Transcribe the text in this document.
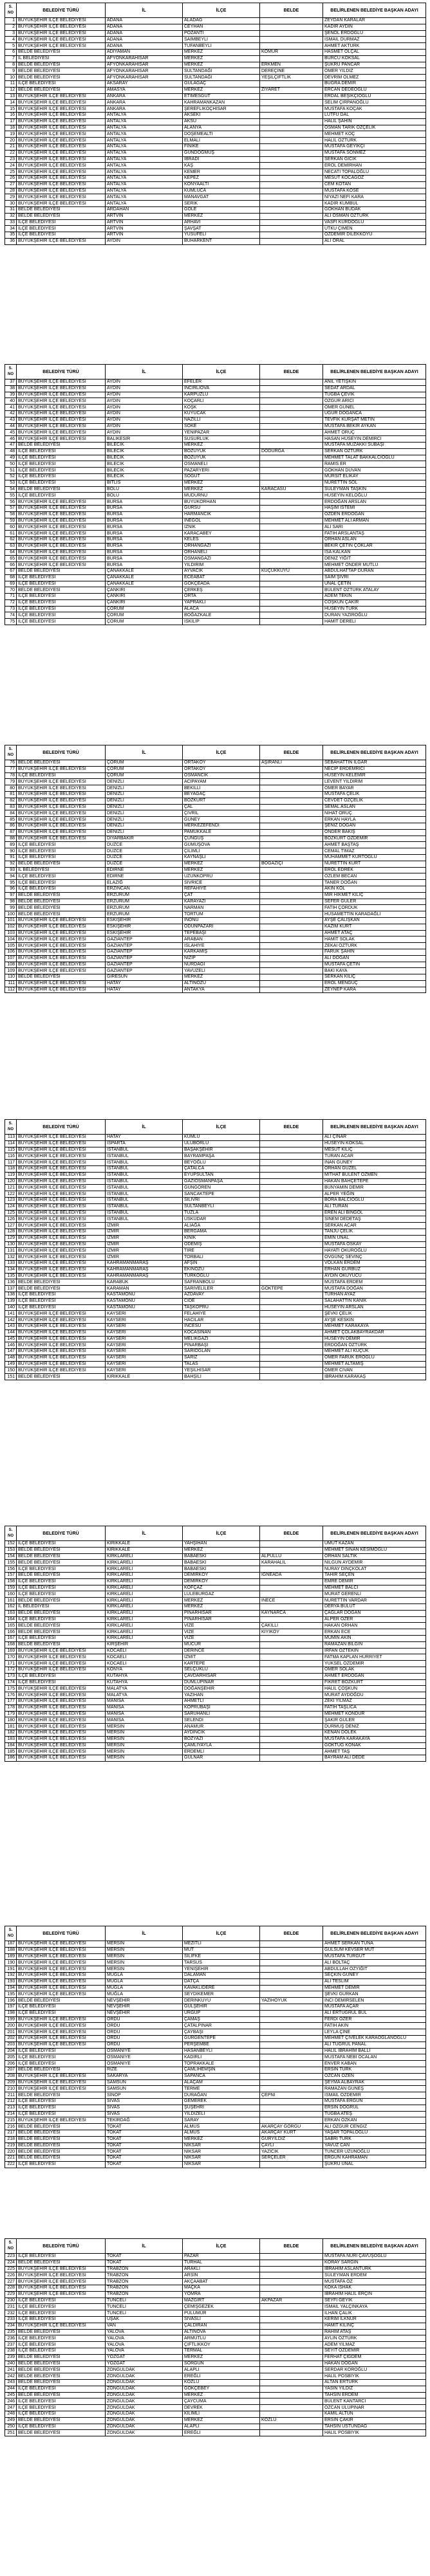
S. NO	BELEDİYE TÜRÜ	İL	İLÇE	BELDE	BELİRLENEN BELEDİYE BAŞKAN ADAYI
1	BÜYÜKŞEHİR İLÇE BELEDİYESİ	ADANA	ALADAĞ		ZEYDAN KARALAR
2	BÜYÜKŞEHİR İLÇE BELEDİYESİ	ADANA	CEYHAN		KADİR AYDIN
3	BÜYÜKŞEHİR İLÇE BELEDİYESİ	ADANA	POZANTI		ŞENOL ERDOĞLU
4	BÜYÜKŞEHİR İLÇE BELEDİYESİ	ADANA	SAİMBEYLİ		İSMAİL DURMAZ
5	BÜYÜKŞEHİR İLÇE BELEDİYESİ	ADANA	TUFANBEYLİ		AHMET AKTÜRK
6	BELDE BELEDİYESİ	ADIYAMAN	MERKEZ	KÖMÜR	HASMET ÖLÇAL
7	İL BELEDİYESİ	AFYONKARAHİSAR	MERKEZ		BURCU KÖKSAL
8	BELDE BELEDİYESİ	AFYONKARAHİSAR	MERKEZ	ERKMEN	ŞÜKRÜ PANCAR
9	BELDE BELEDİYESİ	AFYONKARAHİSAR	SULTANDAĞI	DEREÇİNE	ÖMER YILDIZ
10	BELDE BELEDİYESİ	AFYONKARAHİSAR	SULTANDAĞI	YEŞİLÇİFTLİK	DEVRİM ÖLMEZ
11	İLÇE BELEDİYESİ	AKSARAY	GÜLAĞAÇ		BUĞRA DEMİR
12	BELDE BELEDİYESİ	AMASYA	MERKEZ	ZİYARET	ERCAN DEDEOĞLU
13	BÜYÜKŞEHİR İLÇE BELEDİYESİ	ANKARA	ETİMESGUT		ERDAL BEŞİKÇİOĞLU
14	BÜYÜKŞEHİR İLÇE BELEDİYESİ	ANKARA	KAHRAMANKAZAN		SELİM ÇIRPANOĞLU
15	BÜYÜKŞEHİR İLÇE BELEDİYESİ	ANKARA	ŞEREFLİKOÇHİSAR		MUSTAFA KOÇAK
16	BÜYÜKŞEHİR İLÇE BELEDİYESİ	ANTALYA	AKSEKİ		LÜTFÜ DAL
17	BÜYÜKŞEHİR İLÇE BELEDİYESİ	ANTALYA	AKSU		HALİL ŞAHİN
18	BÜYÜKŞEHİR İLÇE BELEDİYESİ	ANTALYA	ALANYA		OSMAN TARIK ÖZÇELİK
19	BÜYÜKŞEHİR İLÇE BELEDİYESİ	ANTALYA	DÖŞEMEALTI		MEHMET KOÇ
20	BÜYÜKŞEHİR İLÇE BELEDİYESİ	ANTALYA	ELMALI		HALİL ÖZTÜRK
21	BÜYÜKŞEHİR İLÇE BELEDİYESİ	ANTALYA	FİNİKE		MUSTAFA GEYİKÇİ
22	BÜYÜKŞEHİR İLÇE BELEDİYESİ	ANTALYA	GÜNDOĞMUŞ		MUSTAFA SÖNMEZ
23	BÜYÜKŞEHİR İLÇE BELEDİYESİ	ANTALYA	İBRADI		SERKAN GİCİK
24	BÜYÜKŞEHİR İLÇE BELEDİYESİ	ANTALYA	KAŞ		EROL DEMİRHAN
25	BÜYÜKŞEHİR İLÇE BELEDİYESİ	ANTALYA	KEMER		NECATİ TOPALOĞLU
26	BÜYÜKŞEHİR İLÇE BELEDİYESİ	ANTALYA	KEPEZ		MESUT KOCAGÖZ
27	BÜYÜKŞEHİR İLÇE BELEDİYESİ	ANTALYA	KONYAALTI		CEM KOTAN
28	BÜYÜKŞEHİR İLÇE BELEDİYESİ	ANTALYA	KUMLUCA		MUSTAFA KÖSE
29	BÜYÜKŞEHİR İLÇE BELEDİYESİ	ANTALYA	MANAVGAT		NİYAZİ NEFİ KARA
30	BÜYÜKŞEHİR İLÇE BELEDİYESİ	ANTALYA	SERİK		KADİR KUMBUL
31	BELDE BELEDİYESİ	ARDAHAN	GÖLE		GÖKHAN BUDAK
32	BELDE BELEDİYESİ	ARTVİN	MERKEZ		ALİ OSMAN ÖZTÜRK
33	İLÇE BELEDİYESİ	ARTVİN	ARHAVİ		VASFİ KURDOĞLU
34	İLÇE BELEDİYESİ	ARTVİN	ŞAVŞAT		UTKU ÇİMEN
35	İLÇE BELEDİYESİ	ARTVİN	YUSUFELİ		ÖZDEMİR DİLEKKOYU
36	BÜYÜKŞEHİR İLÇE BELEDİYESİ	AYDIN	BUHARKENT		ALİ ORAL
S. NO	BELEDİYE TÜRÜ	İL	İLÇE	BELDE	BELİRLENEN BELEDİYE BAŞKAN ADAYI
37	BÜYÜKŞEHİR İLÇE BELEDİYESİ	AYDIN	EFELER		ANIL YETİŞKİN
38	BÜYÜKŞEHİR İLÇE BELEDİYESİ	AYDIN	İNCİRLİOVA		SEDAT ARDAL
39	BÜYÜKŞEHİR İLÇE BELEDİYESİ	AYDIN	KARPUZLU		TUĞBA ÇEVİK
40	BÜYÜKŞEHİR İLÇE BELEDİYESİ	AYDIN	KOÇARLI		ÖZGÜR ARICI
41	BÜYÜKŞEHİR İLÇE BELEDİYESİ	AYDIN	KÖŞK		ÖMER GÜNEL
42	BÜYÜKŞEHİR İLÇE BELEDİYESİ	AYDIN	KUYUCAK		UĞUR DOĞANCA
43	BÜYÜKŞEHİR İLÇE BELEDİYESİ	AYDIN	NAZİLLİ		TEVFİK KÜRŞAT METİN
44	BÜYÜKŞEHİR İLÇE BELEDİYESİ	AYDIN	SÖKE		MUSTAFA BEKİR AYKAN
45	BÜYÜKŞEHİR İLÇE BELEDİYESİ	AYDIN	YENİPAZAR		AHMET ORUÇ
46	BÜYÜKŞEHİR İLÇE BELEDİYESİ	BALIKESİR	SUSURLUK		HASAN HÜSEYİN DEMİRCİ
47	BELDE BELEDİYESİ	BİLECİK	MERKEZ		MUSTAFA MUZAKKİ SUBAŞI
48	İLÇE BELEDİYESİ	BİLECİK	BOZÜYÜK	DODURGA	SERKAN ÖZTÜRK
49	İLÇE BELEDİYESİ	BİLECİK	BOZÜYÜK		MEHMET TALAT BAKKALCIOĞLU
50	İLÇE BELEDİYESİ	BİLECİK	OSMANELİ		RAMİS ER
51	İLÇE BELEDİYESİ	BİLECİK	PAZARYERİ		GÖKHAN DUVAN
52	İLÇE BELEDİYESİ	BİLECİK	SÖĞÜT		MÜRSİT ELİKAY
53	İLÇE BELEDİYESİ	BİTLİS	MERKEZ		NURETTİN SOL
54	BELDE BELEDİYESİ	BOLU	MERKEZ	KARACASU	SÜLEYMAN TAŞKIN
55	İLÇE BELEDİYESİ	BOLU	MUDURNU		HÜSEYİN KELOĞLU
56	BÜYÜKŞEHİR İLÇE BELEDİYESİ	BURSA	BÜYÜKORHAN		ERDOĞAN ARSLAN
57	BÜYÜKŞEHİR İLÇE BELEDİYESİ	BURSA	GÜRSU		HAŞİM İSTEMİ
58	BÜYÜKŞEHİR İLÇE BELEDİYESİ	BURSA	HARMANCIK		ÖZDEN ERDOĞAN
59	BÜYÜKŞEHİR İLÇE BELEDİYESİ	BURSA	İNEGÖL		MEHMET ALİ ARMAN
60	BÜYÜKŞEHİR İLÇE BELEDİYESİ	BURSA	İZNİK		ALİ SARI
61	BÜYÜKŞEHİR İLÇE BELEDİYESİ	BURSA	KARACABEY		FATİH ARSLANTAŞ
62	BÜYÜKŞEHİR İLÇE BELEDİYESİ	BURSA	KELES		ORHAN ASLAN
63	BÜYÜKŞEHİR İLÇE BELEDİYESİ	BURSA	ORHANGAZİ		BEKİR ÇETİN ÇOKLAR
64	BÜYÜKŞEHİR İLÇE BELEDİYESİ	BURSA	ORHANELİ		İSA KALKAN
65	BÜYÜKŞEHİR İLÇE BELEDİYESİ	BURSA	OSMANGAZİ		DENİZ YİĞİT
66	BÜYÜKŞEHİR İLÇE BELEDİYESİ	BURSA	YILDIRIM		MEHMET ÖNDER MUTLU
67	BELDE BELEDİYESİ	ÇANAKKALE	AYVACIK	KÜÇÜKKUYU	ABDULHATTAP DURAN
68	İLÇE BELEDİYESİ	ÇANAKKALE	ECEABAT		SAİM ŞİVRİ
69	İLÇE BELEDİYESİ	ÇANAKKALE	GÖKÇEADA		ÜNAL ÇETİN
70	BELDE BELEDİYESİ	ÇANKIRI	ÇERKEŞ		BÜLENT ÖZTÜRK ATALAY
71	İLÇE BELEDİYESİ	ÇANKIRI	ORTA		ADEM TEKİN
72	İLÇE BELEDİYESİ	ÇANKIRI	YAPRAKLI		COŞKUN ÇAKIR
73	İLÇE BELEDİYESİ	ÇORUM	ALACA		HÜSEYİN TÜRK
74	İLÇE BELEDİYESİ	ÇORUM	BOĞAZKALE		DURAN YAZIROĞLU
75	İLÇE BELEDİYESİ	ÇORUM	İSKİLİP		HAMİT DERELİ
S. NO	BELEDİYE TÜRÜ	İL	İLÇE	BELDE	BELİRLENEN BELEDİYE BAŞKAN ADAYI
76	BELDE BELEDİYESİ	ÇORUM	ORTAKÖY	AŞIRANLI	SEBAHATTİN İLGAR
77	BÜYÜKŞEHİR İLÇE BELEDİYESİ	ÇORUM	ORTAKÖY		NECİP ERDEMRİCİ
78	İLÇE BELEDİYESİ	ÇORUM	OSMANCIK		HÜSEYİN KELEMİR
79	BÜYÜKŞEHİR İLÇE BELEDİYESİ	DENİZLİ	ACIPAYAM		LEVENT YILDIRIM
80	BÜYÜKŞEHİR İLÇE BELEDİYESİ	DENİZLİ	BEKİLLİ		ÖMER BAYAR
81	BÜYÜKŞEHİR İLÇE BELEDİYESİ	DENİZLİ	BEYAĞAÇ		MUSTAFA ÇELİK
82	BÜYÜKŞEHİR İLÇE BELEDİYESİ	DENİZLİ	BOZKURT		CEVDET ÖZÇELİK
83	BÜYÜKŞEHİR İLÇE BELEDİYESİ	DENİZLİ	ÇAL		SEMAL ASLAN
84	BÜYÜKŞEHİR İLÇE BELEDİYESİ	DENİZLİ	ÇİVRİL		NİHAT ORUÇ
85	BÜYÜKŞEHİR İLÇE BELEDİYESİ	DENİZLİ	GÜNEY		ERKAN HAYLA
86	BÜYÜKŞEHİR İLÇE BELEDİYESİ	DENİZLİ	MERKEZEFENDİ		ŞENİZ DOĞAN
87	BÜYÜKŞEHİR İLÇE BELEDİYESİ	DENİZLİ	PAMUKKALE		ÖNDER BAKIŞ
88	BÜYÜKŞEHİR İLÇE BELEDİYESİ	DİYARBAKIR	ÇÜNGÜŞ		BOZKURT ÖZDEMİR
89	İLÇE BELEDİYESİ	DÜZCE	GÜMÜŞOVA		AHMET BAŞTAŞ
90	İLÇE BELEDİYESİ	DÜZCE	ÇİLİMLİ		CEMAL TIMAZ
91	İLÇE BELEDİYESİ	DÜZCE	KAYNAŞLI		MUHAMMET KURTOĞLU
92	BELDE BELEDİYESİ	DÜZCE	MERKEZ	BOĞAZİÇİ	NURETTİN KURT
93	İL BELEDİYESİ	EDİRNE	MERKEZ		EROL EDREK
94	İLÇE BELEDİYESİ	EDİRNE	UZUNKÖPRÜ		ÖZLEM BECAN
95	İLÇE BELEDİYESİ	ELAZIĞ	SİVRİCE		TANER DOĞAN
96	İLÇE BELEDİYESİ	ERZİNCAN	REFAHİYE		AKIN KOL
97	BELDE BELEDİYESİ	ERZURUM	ÇAT		MİR HİKMET KILIÇ
98	BELDE BELEDİYESİ	ERZURUM	KARAYAZI		SEFER GÜLER
99	BELDE BELEDİYESİ	ERZURUM	NARMAN		FATİH ÇÖRDÜK
100	BELDE BELEDİYESİ	ERZURUM	TORTUM		HÜSAMETTİN KARADAĞLI
101	BÜYÜKŞEHİR İLÇE BELEDİYESİ	ESKİŞEHİR	İNÖNÜ		AYŞE ÇALIŞKAN
102	BÜYÜKŞEHİR İLÇE BELEDİYESİ	ESKİŞEHİR	ODUNPAZARI		KAZIM KURT
103	BÜYÜKŞEHİR İLÇE BELEDİYESİ	ESKİŞEHİR	TEPEBAŞI		AHMET ATAÇ
104	BÜYÜKŞEHİR İLÇE BELEDİYESİ	GAZİANTEP	ARABAN		HAMİT SOLAK
105	BÜYÜKŞEHİR İLÇE BELEDİYESİ	GAZİANTEP	İSLAHİYE		ZEKAİ ÖZTÜRK
106	BÜYÜKŞEHİR İLÇE BELEDİYESİ	GAZİANTEP	KARKAMIŞ		FARUK ŞAHİN
107	BÜYÜKŞEHİR İLÇE BELEDİYESİ	GAZİANTEP	NİZİP		ALİ DOĞAN
108	BÜYÜKŞEHİR İLÇE BELEDİYESİ	GAZİANTEP	NURDAĞI		MUSTAFA ÇETİN
109	BÜYÜKŞEHİR İLÇE BELEDİYESİ	GAZİANTEP	YAVUZELİ		BAKİ KAYA
110	BELDE BELEDİYESİ	GİRESUN	MERKEZ		SERKAN KILIÇ
111	BÜYÜKŞEHİR İLÇE BELEDİYESİ	HATAY	ALTINÖZÜ		EROL MENGÜÇ
112	BÜYÜKŞEHİR İLÇE BELEDİYESİ	HATAY	ANTAKYA		ZEYNEP KARA
S. NO	BELEDİYE TÜRÜ	İL	İLÇE	BELDE	BELİRLENEN BELEDİYE BAŞKAN ADAYI
113	BÜYÜKŞEHİR İLÇE BELEDİYESİ	HATAY	KUMLU		ALİ ÇINAR
114	BÜYÜKŞEHİR İLÇE BELEDİYESİ	ISPARTA	ULUBORLU		HÜSEYİN KÖKSAL
115	BÜYÜKŞEHİR İLÇE BELEDİYESİ	İSTANBUL	BAŞAKŞEHİR		MESUT KILIÇ
116	BÜYÜKŞEHİR İLÇE BELEDİYESİ	İSTANBUL	BAYRAMPAŞA		TURAN ACAR
117	BÜYÜKŞEHİR İLÇE BELEDİYESİ	İSTANBUL	BEYOĞLU		İNAN GÜNEY
118	BÜYÜKŞEHİR İLÇE BELEDİYESİ	İSTANBUL	ÇATALCA		ORHAN GÜZEL
119	BÜYÜKŞEHİR İLÇE BELEDİYESİ	İSTANBUL	EYÜPSULTAN		MİTHAT BÜLENT ÖZMEN
120	BÜYÜKŞEHİR İLÇE BELEDİYESİ	İSTANBUL	GAZİOSMANPAŞA		HAKAN BAHÇETEPE
121	BÜYÜKŞEHİR İLÇE BELEDİYESİ	İSTANBUL	GÜNGÖREN		BÜNYAMİN DEMİR
122	BÜYÜKŞEHİR İLÇE BELEDİYESİ	İSTANBUL	SANCAKTEPE		ALPER YEĞİN
123	BÜYÜKŞEHİR İLÇE BELEDİYESİ	İSTANBUL	SİLİVRİ		BORA BALCIOĞLU
124	BÜYÜKŞEHİR İLÇE BELEDİYESİ	İSTANBUL	SULTANBEYLİ		ALİ TURAN
125	BÜYÜKŞEHİR İLÇE BELEDİYESİ	İSTANBUL	TUZLA		EREN ALİ BİNGÖL
126	BÜYÜKŞEHİR İLÇE BELEDİYESİ	İSTANBUL	ÜSKÜDAR		SİNEM DEDETAŞ
127	BÜYÜKŞEHİR İLÇE BELEDİYESİ	İZMİR	ALİAĞA		SERKAN ACAR
128	BÜYÜKŞEHİR İLÇE BELEDİYESİ	İZMİR	BERGAMA		TANJU ÇELİK
129	BÜYÜKŞEHİR İLÇE BELEDİYESİ	İZMİR	KINIK		EMİN ÜNAL
130	BÜYÜKŞEHİR İLÇE BELEDİYESİ	İZMİR	ÖDEMİŞ		MUSTAFA OSKAY
131	BÜYÜKŞEHİR İLÇE BELEDİYESİ	İZMİR	TİRE		HAYATİ OKUROĞLU
132	BÜYÜKŞEHİR İLÇE BELEDİYESİ	İZMİR	TORBALI		ÖVGÜNÇ SEVİNÇ
133	BÜYÜKŞEHİR İLÇE BELEDİYESİ	KAHRAMANMARAŞ	AFŞİN		VOLKAN ERDEM
134	BÜYÜKŞEHİR İLÇE BELEDİYESİ	KAHRAMANMARAŞ	EKİNÖZÜ		ERHAN GÜRBÜZ
135	BÜYÜKŞEHİR İLÇE BELEDİYESİ	KAHRAMANMARAŞ	TÜRKOĞLU		AYDIN OKUYUCU
136	BELDE BELEDİYESİ	KARABÜK	SAFRANBOLU		MUSTAFA ERDEM
137	BELDE BELEDİYESİ	KARAMAN	SARIVELİLER	GÖKTEPE	MUSTAFA DOĞAN
138	İLÇE BELEDİYESİ	KASTAMONU	AZDAVAY		TURHAN AYAZ
139	İLÇE BELEDİYESİ	KASTAMONU	CİDE		SALAHATTİN KANIK
140	İLÇE BELEDİYESİ	KASTAMONU	TAŞKÖPRÜ		HÜSEYİN ARSLAN
141	BÜYÜKŞEHİR İLÇE BELEDİYESİ	KAYSERİ	FELAHİYE		ŞEVKİ ÇELİK
142	BÜYÜKŞEHİR İLÇE BELEDİYESİ	KAYSERİ	HACILAR		AYŞE KESKİN
143	BÜYÜKŞEHİR İLÇE BELEDİYESİ	KAYSERİ	İNCESU		MEHMET KARAKAYA
144	BÜYÜKŞEHİR İLÇE BELEDİYESİ	KAYSERİ	KOCASİNAN		AHMET ÇOLAKBAYRAKDAR
145	BÜYÜKŞEHİR İLÇE BELEDİYESİ	KAYSERİ	MELİKGAZİ		HÜSEYİN DEMİR
146	BÜYÜKŞEHİR İLÇE BELEDİYESİ	KAYSERİ	PINARBAŞI		ERDOĞAN ÖZTÜRK
147	BÜYÜKŞEHİR İLÇE BELEDİYESİ	KAYSERİ	SARIOĞLAN		MEHMET ALİ KÜÇÜK
148	BÜYÜKŞEHİR İLÇE BELEDİYESİ	KAYSERİ	SARIZ		ÖMER FARUK EROĞLU
149	BÜYÜKŞEHİR İLÇE BELEDİYESİ	KAYSERİ	TALAS		MEHMET ALTAMIŞ
150	BÜYÜKŞEHİR İLÇE BELEDİYESİ	KAYSERİ	YEŞİLHİSAR		ÖMER CIVAN
151	BELDE BELEDİYESİ	KIRIKKALE	BAHŞILI		İBRAHİM KARAKAŞ
S. NO	BELEDİYE TÜRÜ	İL	İLÇE	BELDE	BELİRLENEN BELEDİYE BAŞKAN ADAYI
152	İLÇE BELEDİYESİ	KIRIKKALE	YAHŞİHAN		UMUT KAZAN
153	BELDE BELEDİYESİ	KIRIKKALE	MERKEZ		MEHMET SİNAN KESİMOĞLU
154	BELDE BELEDİYESİ	KIRKLARELİ	BABAESKİ	ALPULLU	ORHAN SALTIK
155	BELDE BELEDİYESİ	KIRKLARELİ	BABAESKİ	KARAHALİL	NİLGÜN AYDEMİR
156	İLÇE BELEDİYESİ	KIRKLARELİ	BABAESKİ		NURAY DİNÇKOLAT
157	BELDE BELEDİYESİ	KIRKLARELİ	DEMİRKÖY	İĞNEADA	TAHİR SEÇEN
158	İLÇE BELEDİYESİ	KIRKLARELİ	DEMİRKÖY		EMRE DEMİR
159	İLÇE BELEDİYESİ	KIRKLARELİ	KOFÇAZ		MEHMET BALCI
160	İLÇE BELEDİYESİ	KIRKLARELİ	LÜLEBURGAZ		MURAT GERENLİ
161	BELDE BELEDİYESİ	KIRKLARELİ	MERKEZ	İNECE	NURETTİN VARDAR
162	İL BELEDİYESİ	KIRKLARELİ	MERKEZ		DERYA BULUT
163	BELDE BELEDİYESİ	KIRKLARELİ	PINARHİSAR	KAYNARCA	ÇAĞLAR DOĞAN
164	İLÇE BELEDİYESİ	KIRKLARELİ	PINARHİSAR		ALPER ÖZER
165	BELDE BELEDİYESİ	KIRKLARELİ	VİZE	ÇAKILLI	HAKAN ORHAN
166	BELDE BELEDİYESİ	KIRKLARELİ	VİZE	KIYIKÖY	ERKAN ECE
167	İLÇE BELEDİYESİ	KIRKLARELİ	VİZE		MÜMİN AKIN
168	BELDE BELEDİYESİ	KIRŞEHİR	MUCUR		RAMAZAN BİLGİN
169	BÜYÜKŞEHİR İLÇE BELEDİYESİ	KOCAELİ	DERİNCE		İRFAN ÖZTEKİN
170	BÜYÜKŞEHİR İLÇE BELEDİYESİ	KOCAELİ	İZMİT		FATMA KAPLAN HÜRRİYET
171	BÜYÜKŞEHİR İLÇE BELEDİYESİ	KOCAELİ	KARTEPE		YÜKSEL ÖZDEMİR
172	BÜYÜKŞEHİR İLÇE BELEDİYESİ	KONYA	SELÇUKLU		ÖMER SOLAK
173	İLÇE BELEDİYESİ	KÜTAHYA	ÇAVDARHİSAR		AHMET ERDOĞAN
174	İLÇE BELEDİYESİ	KÜTAHYA	DUMLUPINAR		FİKRET BOZKURT
175	BÜYÜKŞEHİR İLÇE BELEDİYESİ	MALATYA	DOĞANŞEHİR		HALİL ÇOŞKUN
176	BÜYÜKŞEHİR İLÇE BELEDİYESİ	MALATYA	YAZIHAN		MURAT AYDOĞDU
177	BÜYÜKŞEHİR İLÇE BELEDİYESİ	MANİSA	AHMETLİ		ZEKİ YILMAZ
178	BÜYÜKŞEHİR İLÇE BELEDİYESİ	MANİSA	KÖPRÜBAŞI		FATİH TAŞLICA
179	BÜYÜKŞEHİR İLÇE BELEDİYESİ	MANİSA	SARUHANLI		MEHMET KÖNDÜR
180	BÜYÜKŞEHİR İLÇE BELEDİYESİ	MANİSA	SELENDİ		ŞAKİR GÜLER
181	BÜYÜKŞEHİR İLÇE BELEDİYESİ	MERSİN	ANAMUR		DURMUŞ DENİZ
182	BÜYÜKŞEHİR İLÇE BELEDİYESİ	MERSİN	AYDINCIK		KENAN DÖLEK
183	BÜYÜKŞEHİR İLÇE BELEDİYESİ	MERSİN	BOZYAZI		MUSTAFA KARAKAYA
184	BÜYÜKŞEHİR İLÇE BELEDİYESİ	MERSİN	ÇAMLIYAYLA		GÖKTUĞ KONAK
185	BÜYÜKŞEHİR İLÇE BELEDİYESİ	MERSİN	ERDEMLİ		AHMET TAŞ
186	BÜYÜKŞEHİR İLÇE BELEDİYESİ	MERSİN	GÜLNAR		BAYRAM ALİ DEDE
S. NO	BELEDİYE TÜRÜ	İL	İLÇE	BELDE	BELİRLENEN BELEDİYE BAŞKAN ADAYI
187	BÜYÜKŞEHİR İLÇE BELEDİYESİ	MERSİN	MEZİTLİ		AHMET SERKAN TUNA
188	BÜYÜKŞEHİR İLÇE BELEDİYESİ	MERSİN	MUT		GÜLSÜM KEVSER MUT
189	BÜYÜKŞEHİR İLÇE BELEDİYESİ	MERSİN	SİLİFKE		MUSTAFA TURGUT
190	BÜYÜKŞEHİR İLÇE BELEDİYESİ	MERSİN	TARSUS		ALİ BOLTAÇ
191	BÜYÜKŞEHİR İLÇE BELEDİYESİ	MERSİN	YENİŞEHİR		ABDULLAH ÖZYİĞİT
192	BÜYÜKŞEHİR İLÇE BELEDİYESİ	MUĞLA	DALAMAN		SEÇKİN GÜNEY
193	BÜYÜKŞEHİR İLÇE BELEDİYESİ	MUĞLA	DATÇA		ALİ TESLİM
194	BÜYÜKŞEHİR İLÇE BELEDİYESİ	MUĞLA	KAVAKLIDERE		MEHMET DEMİR
195	BÜYÜKŞEHİR İLÇE BELEDİYESİ	MUĞLA	SEYDİKEMER		ŞEVKİ GÜRKAN
196	BELDE BELEDİYESİ	NEVŞEHİR	DERİNKUYU	YAZIHÖYÜK	İNCİ DEMİRSELEN
197	İLÇE BELEDİYESİ	NEVŞEHİR	GÜLŞEHİR		MUSTAFA AÇAR
198	İLÇE BELEDİYESİ	NEVŞEHİR	ÜRGÜP		ALİ ERTUĞRUL BUL
199	BÜYÜKŞEHİR İLÇE BELEDİYESİ	ORDU	ÇAMAŞ		FERDİ ÖZER
200	BÜYÜKŞEHİR İLÇE BELEDİYESİ	ORDU	ÇATALPINAR		FATİH AKIN
201	BÜYÜKŞEHİR İLÇE BELEDİYESİ	ORDU	ÇAYBAŞI		LEYLA ÇİNE
202	BÜYÜKŞEHİR İLÇE BELEDİYESİ	ORDU	GÜRGENTEPE		MEHMET ÇİVELEK KARAOĞLANOĞLU
203	BÜYÜKŞEHİR İLÇE BELEDİYESİ	ORDU	PERŞEMBE		ALİ TUĞRUL PANAL
204	İLÇE BELEDİYESİ	OSMANİYE	HASANBEYLİ		HALİL İBRAHİM BALLI
205	İLÇE BELEDİYESİ	OSMANİYE	KADİRLİ		MUSTAFA NEBİ ÖCALAN
206	İLÇE BELEDİYESİ	OSMANİYE	TOPRAKKALE		ENVER KABAN
207	BELDE BELEDİYESİ	RİZE	ÇAMLIHEMŞİN		ERSİN TÜRK
208	BÜYÜKŞEHİR İLÇE BELEDİYESİ	SAKARYA	SAPANCA		ÖZCAN ÖZEN
209	BÜYÜKŞEHİR İLÇE BELEDİYESİ	SAMSUN	ALAÇAM		ŞEYMA ALBAYRAK
210	BÜYÜKŞEHİR İLÇE BELEDİYESİ	SAMSUN	TERME		RAMAZAN GÜNEŞ
211	BELDE BELEDİYESİ	SİNOP	DURAĞAN	ÇEPNİ	İSMAİL ÖZDEMİR
212	İLÇE BELEDİYESİ	SİVAS	GEMEREK		MUSTAFA ERGÜN
213	İLÇE BELEDİYESİ	SİVAS	ŞUŞEHRİ		ERSİN DOĞRUL
214	İLÇE BELEDİYESİ	SİVAS	YILDIZELİ		TUĞBA ATEŞ
215	BÜYÜKŞEHİR İLÇE BELEDİYESİ	TEKİRDAĞ	SARAY		ERKAN ÖZKAN
216	BELDE BELEDİYESİ	TOKAT	ALMUS	AKARÇAY GÖRGÜ	ALİ ÖZGÜR CENGİZ
217	BELDE BELEDİYESİ	TOKAT	ALMUS	AKARÇAY KURT	YAŞAR TOPALOĞLU
218	BELDE BELEDİYESİ	TOKAT	MERKEZ	GÜRYILDIZ	SABRİ TÜRK
219	BELDE BELEDİYESİ	TOKAT	NİKSAR	ÇAYLI	YAVUZ CAN
220	BELDE BELEDİYESİ	TOKAT	NİKSAR	YAZICIK	TUNCER UZUNOĞLU
221	BELDE BELEDİYESİ	TOKAT	NİKSAR	SERÇELER	ERGÜN KAHRAMAN
222	İLÇE BELEDİYESİ	TOKAT	NİKSAR		ŞÜKRÜ ÜNAL
S. NO	BELEDİYE TÜRÜ	İL	İLÇE	BELDE	BELİRLENEN BELEDİYE BAŞKAN ADAYI
223	İLÇE BELEDİYESİ	TOKAT	PAZAR		MUSTAFA NURİ ÇAVUŞOĞLU
224	BELDE BELEDİYESİ	TOKAT	TURHAL		KORAY SARGIN
225	BÜYÜKŞEHİR İLÇE BELEDİYESİ	TRABZON	ARAKLI		İBRAHİM ASLANTÜRK
226	BÜYÜKŞEHİR İLÇE BELEDİYESİ	TRABZON	ARSİN		SÜLEYMAN ERDEM
227	BÜYÜKŞEHİR İLÇE BELEDİYESİ	TRABZON	AKÇAABAT		MUSTAFA ÖZ
228	BÜYÜKŞEHİR İLÇE BELEDİYESİ	TRABZON	MAÇKA		KOKA İSHAK
229	BÜYÜKŞEHİR İLÇE BELEDİYESİ	TRABZON	YOMRA		İBRAHİM HALİL ERÇİN
230	İLÇE BELEDİYESİ	TUNCELİ	MAZGİRT	AKPAZAR	SEYFİ GEYİK
231	İLÇE BELEDİYESİ	TUNCELİ	ÇEMİŞGEZEK		İSMAİL YALÇINKAYA
232	İLÇE BELEDİYESİ	TUNCELİ	PÜLÜMÜR		İLHAN ÇALIK
233	İLÇE BELEDİYESİ	UŞAK	SİVASLI		KERİM İLKNUR
234	BÜYÜKŞEHİR İLÇE BELEDİYESİ	VAN	ÇALDIRAN		HAMİT KILINÇ
235	BELDE BELEDİYESİ	YALOVA	ALTINOVA		RAHİM ATAŞ
236	İLÇE BELEDİYESİ	YALOVA	ARMUTLU		AYLİN ÖZTÜRK
237	İLÇE BELEDİYESİ	YALOVA	ÇİFTLİKKÖY		ADEM YILMAZ
238	İLÇE BELEDİYESİ	YALOVA	TERMAL		SEYİT ÖZDEMİR
239	BELDE BELEDİYESİ	YOZGAT	MERKEZ		FERHAT ÇİĞDEM
240	BELDE BELEDİYESİ	YOZGAT	SORGUN		HAKAN DOĞAN
241	BELDE BELEDİYESİ	ZONGULDAK	ALAPLI		SERDAR KÖROĞLU
242	BELDE BELEDİYESİ	ZONGULDAK	EREĞLİ		HALİL POSBIYIK
243	BELDE BELEDİYESİ	ZONGULDAK	KOZLU		ALTAN ERTÜRK
244	İLÇE BELEDİYESİ	ZONGULDAK	GÖKÇEBEY		YASİN YILDIZ
245	BELDE BELEDİYESİ	ZONGULDAK	MERKEZ		TAHSİN ERDEM
246	İLÇE BELEDİYESİ	ZONGULDAK	ÇAYCUMA		BÜLENT KANTARCI
247	İLÇE BELEDİYESİ	ZONGULDAK	DEVREK		ÖZCAN ULUPINAR
248	İLÇE BELEDİYESİ	ZONGULDAK	KİLİMLİ		KAMİL ALTUN
249	BELDE BELEDİYESİ	ZONGULDAK	MERKEZ	KOZLU	ERSİN ÇAKIR
250	İLÇE BELEDİYESİ	ZONGULDAK	ALAPLI		TAHSİN ÜSTÜNDAĞ
251	BELDE BELEDİYESİ	ZONGULDAK	EREĞLİ		HALİL POSBIYIK
